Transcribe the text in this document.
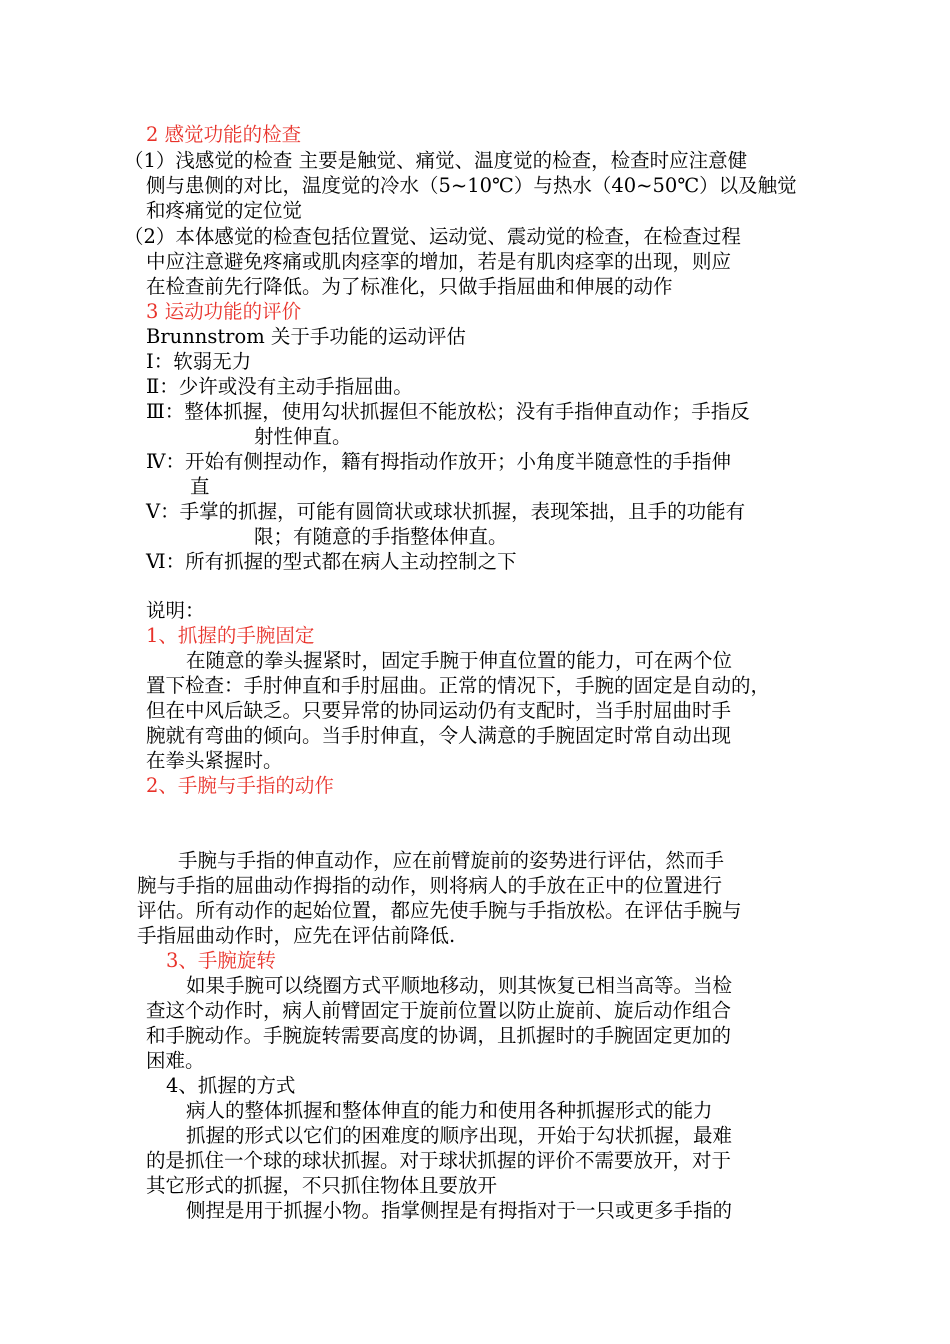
2 感觉功能的检查
（1）浅感觉的检查 主要是触觉、痛觉、温度觉的检查，检查时应注意健
侧与患侧的对比，温度觉的冷水（5~10℃）与热水（40~50℃）以及触觉
和疼痛觉的定位觉
（2）本体感觉的检查包括位置觉、运动觉、震动觉的检查，在检查过程
中应注意避免疼痛或肌肉痉挛的增加，若是有肌肉痉挛的出现，则应
在检查前先行降低。为了标准化，只做手指屈曲和伸展的动作
3 运动功能的评价
Brunnstrom 关于手功能的运动评估
Ⅰ：软弱无力
Ⅱ：少许或没有主动手指屈曲。
Ⅲ：整体抓握，使用勾状抓握但不能放松；没有手指伸直动作；手指反
射性伸直。
Ⅳ：开始有侧捏动作，籍有拇指动作放开；小角度半随意性的手指伸
直
Ⅴ：手掌的抓握，可能有圆筒状或球状抓握，表现笨拙，且手的功能有
限；有随意的手指整体伸直。
Ⅵ：所有抓握的型式都在病人主动控制之下
说明：
1、抓握的手腕固定
在随意的拳头握紧时，固定手腕于伸直位置的能力，可在两个位
置下检查：手肘伸直和手肘屈曲。正常的情况下，手腕的固定是自动的，
但在中风后缺乏。只要异常的协同运动仍有支配时，当手肘屈曲时手
腕就有弯曲的倾向。当手肘伸直，令人满意的手腕固定时常自动出现
在拳头紧握时。
2、手腕与手指的动作
手腕与手指的伸直动作，应在前臂旋前的姿势进行评估，然而手
腕与手指的屈曲动作拇指的动作，则将病人的手放在正中的位置进行
评估。所有动作的起始位置，都应先使手腕与手指放松。在评估手腕与
手指屈曲动作时，应先在评估前降低.
3、手腕旋转
如果手腕可以绕圈方式平顺地移动，则其恢复已相当高等。当检
查这个动作时，病人前臂固定于旋前位置以防止旋前、旋后动作组合
和手腕动作。手腕旋转需要高度的协调，且抓握时的手腕固定更加的
困难。
4、抓握的方式
病人的整体抓握和整体伸直的能力和使用各种抓握形式的能力
抓握的形式以它们的困难度的顺序出现，开始于勾状抓握，最难
的是抓住一个球的球状抓握。对于球状抓握的评价不需要放开，对于
其它形式的抓握，不只抓住物体且要放开
侧捏是用于抓握小物。指掌侧捏是有拇指对于一只或更多手指的
